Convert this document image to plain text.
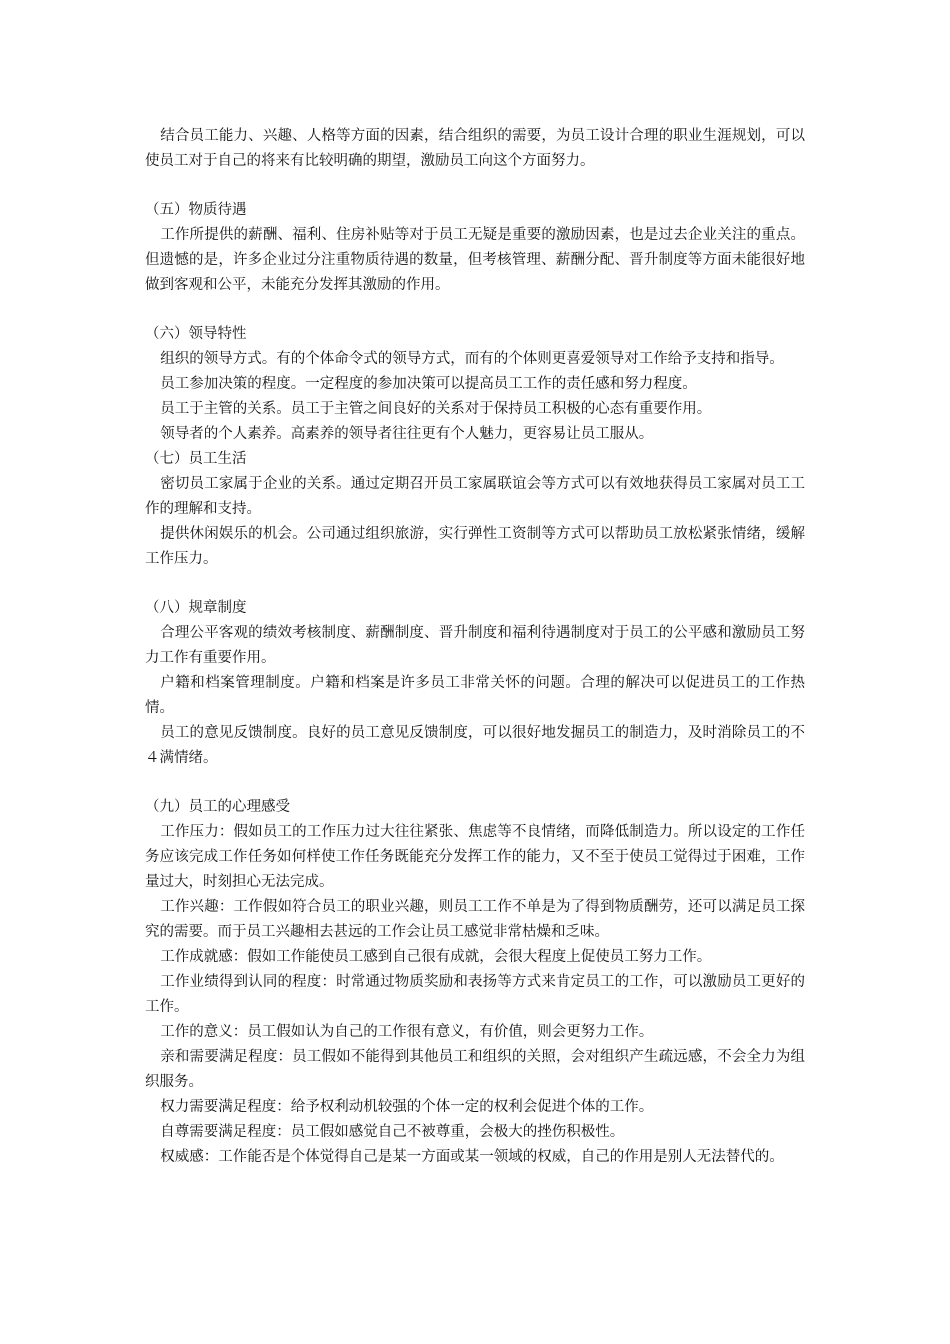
结合员工能力、兴趣、人格等方面的因素，结合组织的需要，为员工设计合理的职业生涯规划，可以使员工对于自己的将来有比较明确的期望，激励员工向这个方面努力。

（五）物质待遇

工作所提供的薪酬、福利、住房补贴等对于员工无疑是重要的激励因素，也是过去企业关注的重点。但遗憾的是，许多企业过分注重物质待遇的数量，但考核管理、薪酬分配、晋升制度等方面未能很好地做到客观和公平，未能充分发挥其激励的作用。

（六）领导特性

组织的领导方式。有的个体命令式的领导方式，而有的个体则更喜爱领导对工作给予支持和指导。

员工参加决策的程度。一定程度的参加决策可以提高员工工作的责任感和努力程度。

员工于主管的关系。员工于主管之间良好的关系对于保持员工积极的心态有重要作用。

领导者的个人素养。高素养的领导者往往更有个人魅力，更容易让员工服从。

（七）员工生活

密切员工家属于企业的关系。通过定期召开员工家属联谊会等方式可以有效地获得员工家属对员工工作的理解和支持。

提供休闲娱乐的机会。公司通过组织旅游，实行弹性工资制等方式可以帮助员工放松紧张情绪，缓解工作压力。

（八）规章制度

合理公平客观的绩效考核制度、薪酬制度、晋升制度和福利待遇制度对于员工的公平感和激励员工努力工作有重要作用。

户籍和档案管理制度。户籍和档案是许多员工非常关怀的问题。合理的解决可以促进员工的工作热情。

员工的意见反馈制度。良好的员工意见反馈制度，可以很好地发掘员工的制造力，及时消除员工的不４满情绪。

（九）员工的心理感受

工作压力：假如员工的工作压力过大往往紧张、焦虑等不良情绪，而降低制造力。所以设定的工作任务应该完成工作任务如何样使工作任务既能充分发挥工作的能力，又不至于使员工觉得过于困难，工作量过大，时刻担心无法完成。

工作兴趣：工作假如符合员工的职业兴趣，则员工工作不单是为了得到物质酬劳，还可以满足员工探究的需要。而于员工兴趣相去甚远的工作会让员工感觉非常枯燥和乏味。

工作成就感：假如工作能使员工感到自己很有成就，会很大程度上促使员工努力工作。

工作业绩得到认同的程度：时常通过物质奖励和表扬等方式来肯定员工的工作，可以激励员工更好的工作。

工作的意义：员工假如认为自己的工作很有意义，有价值，则会更努力工作。

亲和需要满足程度：员工假如不能得到其他员工和组织的关照，会对组织产生疏远感，不会全力为组织服务。

权力需要满足程度：给予权利动机较强的个体一定的权利会促进个体的工作。

自尊需要满足程度：员工假如感觉自己不被尊重，会极大的挫伤积极性。

权威感：工作能否是个体觉得自己是某一方面或某一领域的权威，自己的作用是别人无法替代的。
